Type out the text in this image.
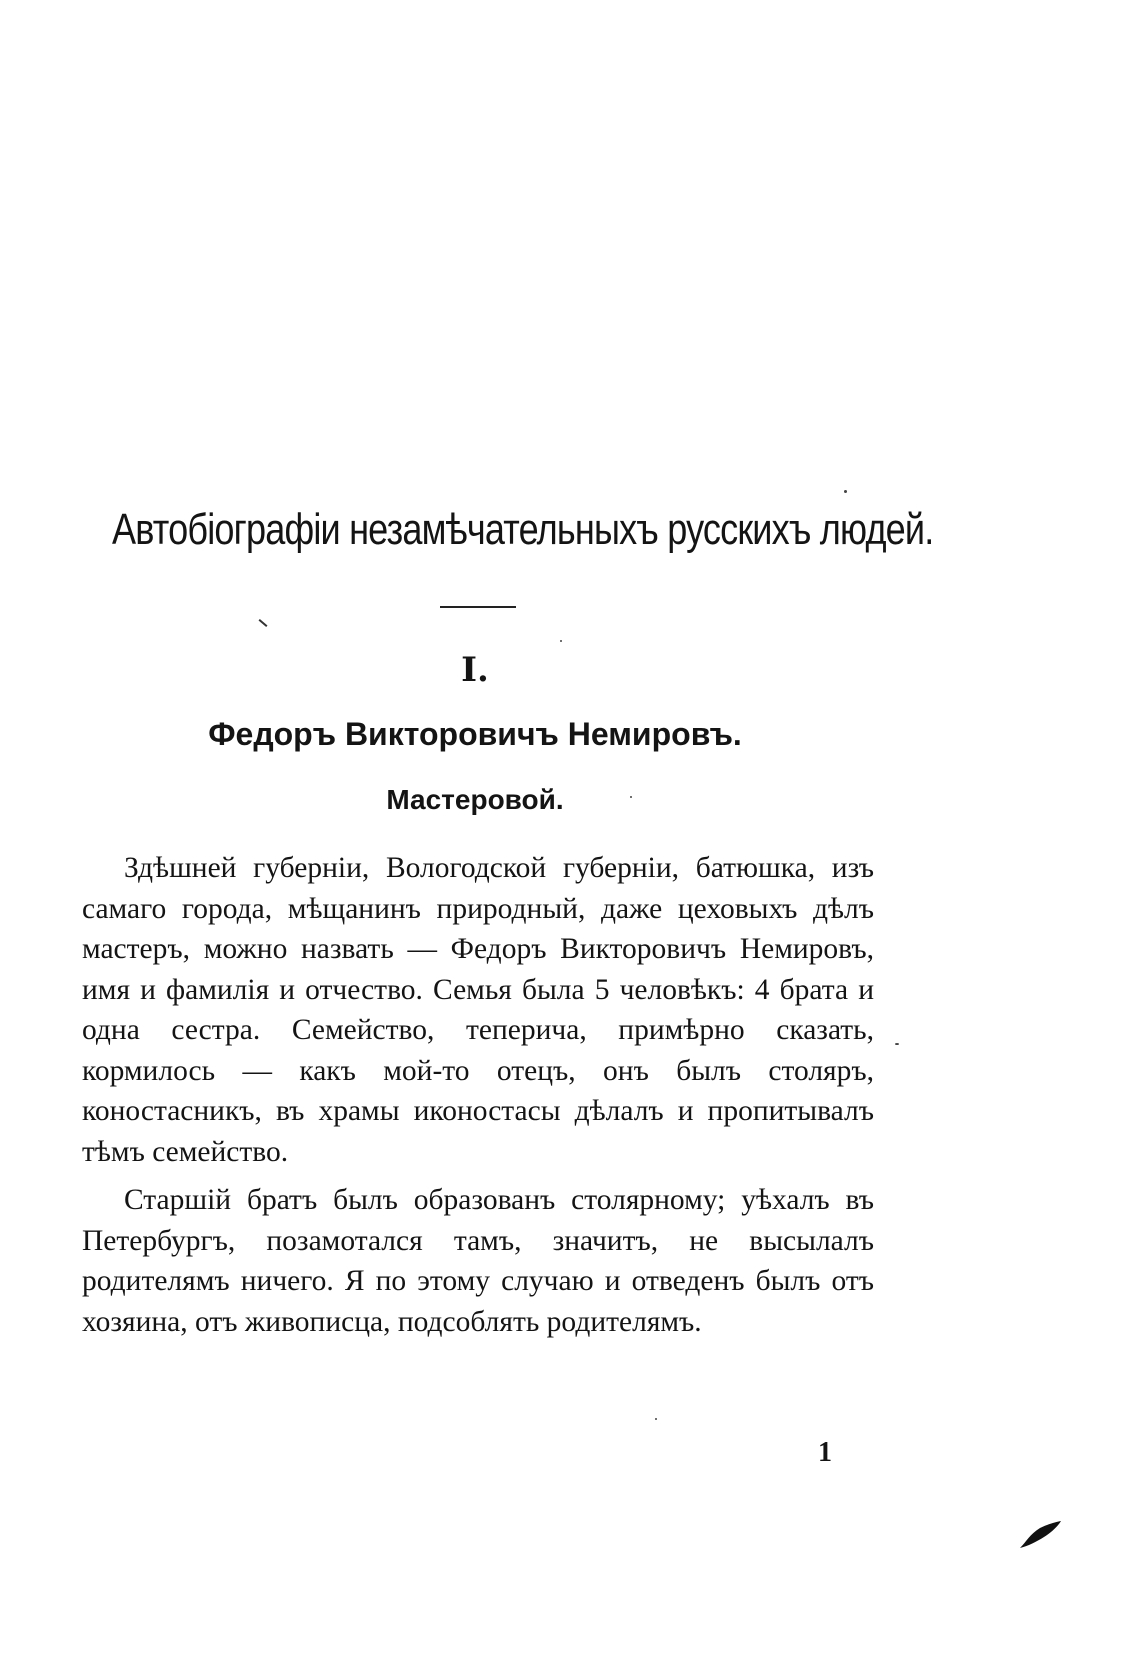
Автобіографіи незамѣчательныхъ русскихъ людей.
I.
Федоръ Викторовичъ Немировъ.
Мастеровой.

Здѣшней губерніи, Вологодской губерніи, батюшка, изъ самаго города, мѣщанинъ природный, даже цеховыхъ дѣлъ мастеръ, можно назвать — Федоръ Викторовичъ Немировъ, имя и фамилія и отчество. Семья была 5 человѣкъ: 4 брата и одна сестра. Семейство, теперича, примѣрно сказать, кормилось — какъ мой-то отецъ, онъ былъ столяръ, коностасникъ, въ храмы иконостасы дѣлалъ и пропитывалъ тѣмъ семейство.

Старшій братъ былъ образованъ столярному; уѣхалъ въ Петербургъ, позамотался тамъ, значитъ, не высылалъ родителямъ ничего. Я по этому случаю и отведенъ былъ отъ хозяина, отъ живописца, подсоблять родителямъ.

1
